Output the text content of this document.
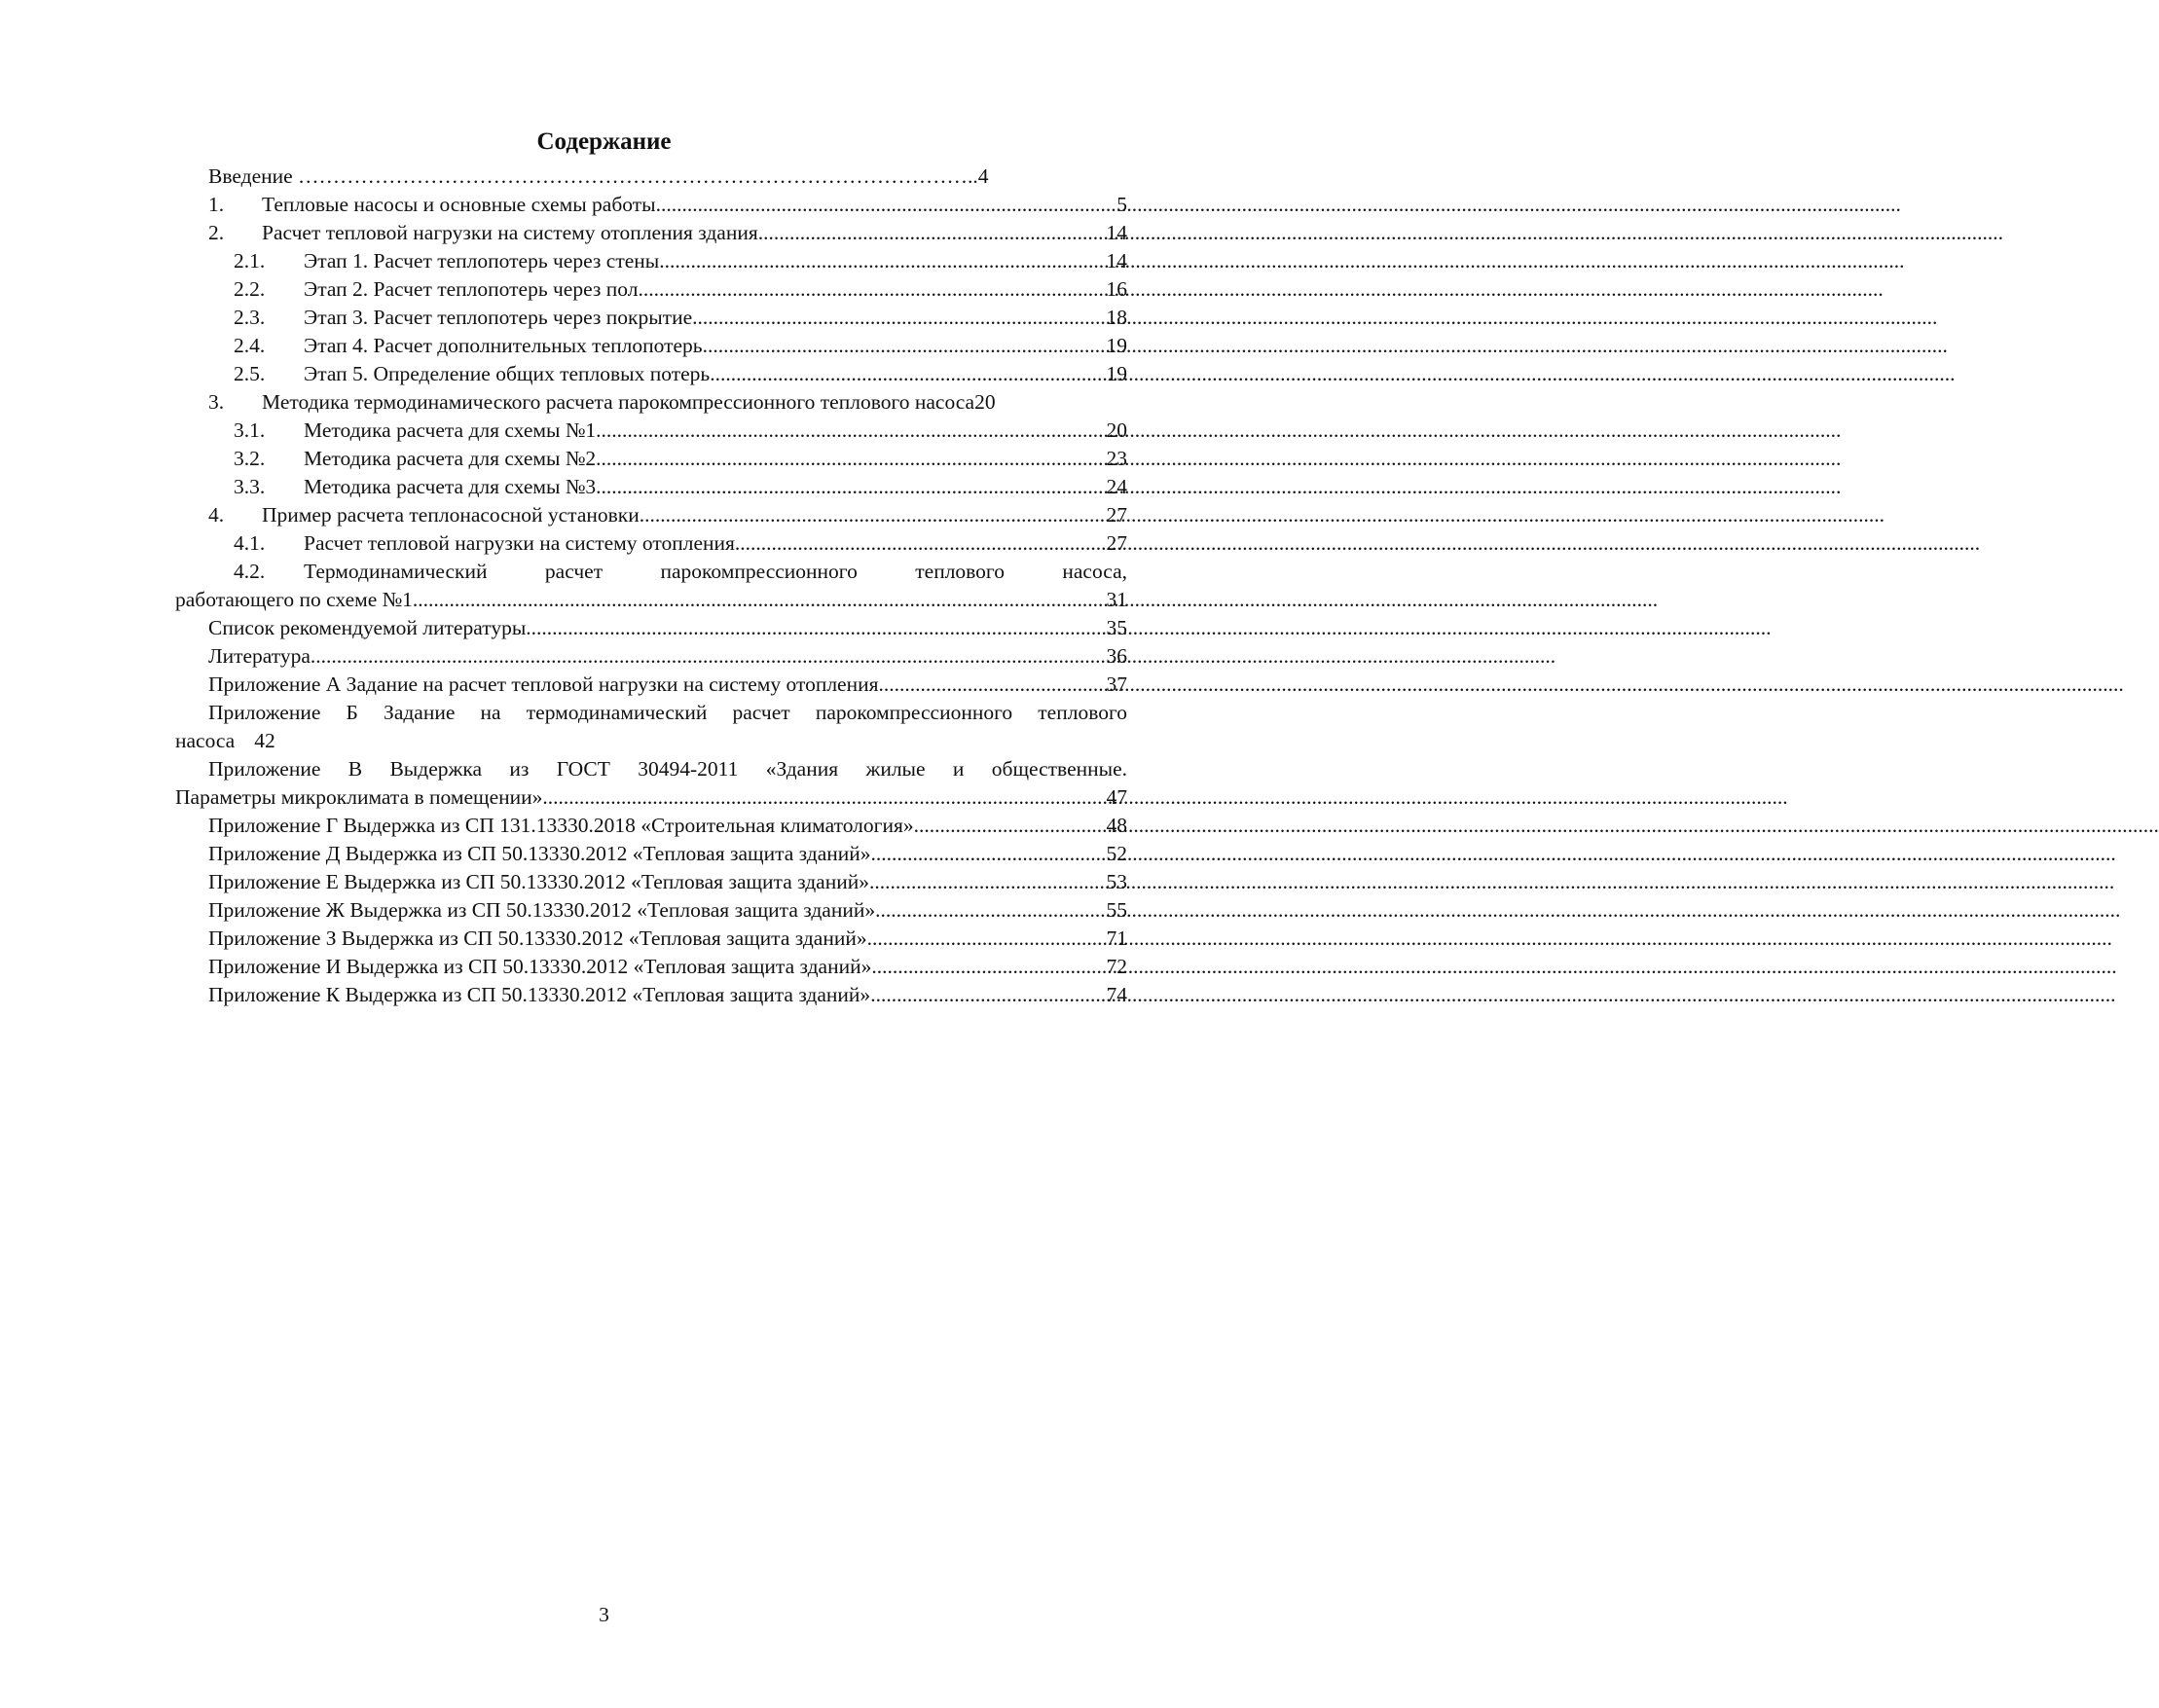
Содержание
Введение …………………………………………………………………………………….. 4
1.	Тепловые насосы и основные схемы работы .....	5
2.	Расчет тепловой нагрузки на систему отопления здания .....	14
2.1.	Этап 1. Расчет теплопотерь через стены .....	14
2.2.	Этап 2. Расчет теплопотерь через пол .....	16
2.3.	Этап 3. Расчет теплопотерь через покрытие .....	18
2.4.	Этап 4. Расчет дополнительных теплопотерь .....	19
2.5.	Этап 5. Определение общих тепловых потерь .....	19
3.	Методика термодинамического расчета парокомпрессионного теплового насоса 20
3.1.	Методика расчета для схемы №1 .....	20
3.2.	Методика расчета для схемы №2 .....	23
3.3.	Методика расчета для схемы №3 .....	24
4.	Пример расчета теплонасосной установки .....	27
4.1.	Расчет тепловой нагрузки на систему отопления .....	27
4.2.	Термодинамический расчет парокомпрессионного теплового насоса,
работающего по схеме №1 .....	31
Список рекомендуемой литературы .....	35
Литература .....	36
Приложение А Задание на расчет тепловой нагрузки на систему отопления .....	37
Приложение Б Задание на термодинамический расчет парокомпрессионного теплового
насоса 42
Приложение В Выдержка из ГОСТ 30494-2011 «Здания жилые и общественные.
Параметры микроклимата в помещении» .....	47
Приложение Г Выдержка из СП 131.13330.2018 «Строительная климатология» .....	48
Приложение Д Выдержка из СП 50.13330.2012 «Тепловая защита зданий» .....	52
Приложение Е Выдержка из СП 50.13330.2012 «Тепловая защита зданий» .....	53
Приложение Ж Выдержка из СП 50.13330.2012 «Тепловая защита зданий» .....	55
Приложение З Выдержка из СП 50.13330.2012 «Тепловая защита зданий» .....	71
Приложение И Выдержка из СП 50.13330.2012 «Тепловая защита зданий» .....	72
Приложение К Выдержка из СП 50.13330.2012 «Тепловая защита зданий» .....	74
3
